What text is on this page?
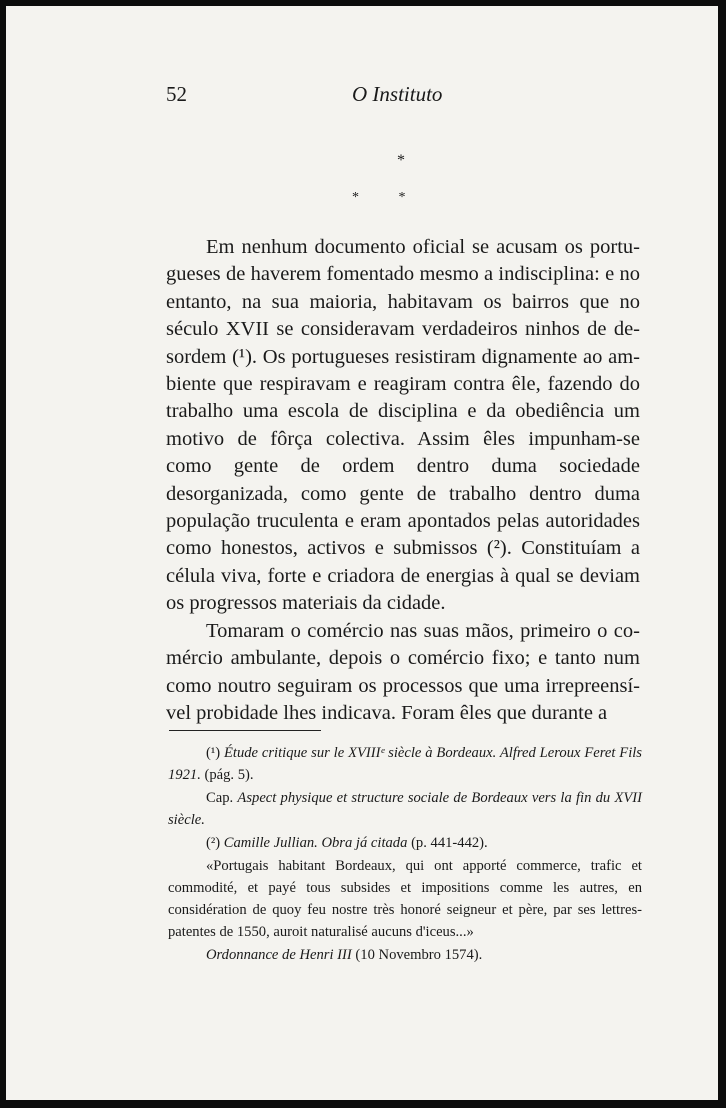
52	O Instituto
*
* *

Em nenhum documento oficial se acusam os portugueses de haverem fomentado mesmo a indisciplina: e no entanto, na sua maioria, habitavam os bairros que no século XVII se consideravam verdadeiros ninhos de desordem (¹). Os portugueses resistiram dignamente ao ambiente que respiravam e reagiram contra êle, fazendo do trabalho uma escola de disciplina e da obediência um motivo de fôrça colectiva. Assim êles impunham-se como gente de ordem dentro duma sociedade desorganizada, como gente de trabalho dentro duma população truculenta e eram apontados pelas autoridades como honestos, activos e submissos (²). Constituíam a célula viva, forte e criadora de energias à qual se deviam os progressos materiais da cidade.

Tomaram o comércio nas suas mãos, primeiro o comércio ambulante, depois o comércio fixo; e tanto num como noutro seguiram os processos que uma irrepreensível probidade lhes indicava. Foram êles que durante a

(¹) Étude critique sur le XVIIIᵉ siècle à Bordeaux. Alfred Leroux Feret Fils 1921. (pág. 5).

Cap. Aspect physique et structure sociale de Bordeaux vers la fin du XVII siècle.

(²) Camille Jullian. Obra já citada (p. 441-442).

«Portugais habitant Bordeaux, qui ont apporté commerce, trafic et commodité, et payé tous subsides et impositions comme les autres, en considération de quoy feu nostre très honoré seigneur et père, par ses lettres-patentes de 1550, auroit naturalisé aucuns d'iceus...»

Ordonnance de Henri III (10 Novembro 1574).
